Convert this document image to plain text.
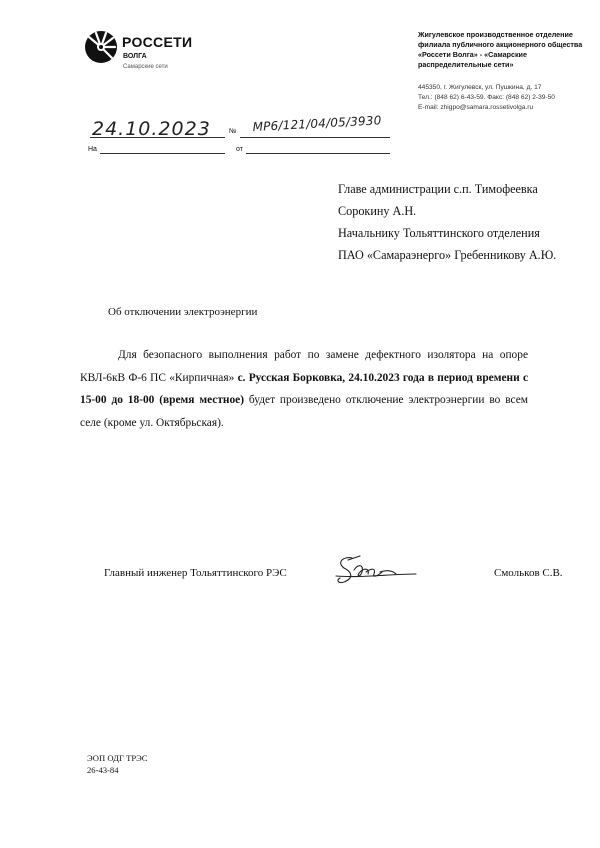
РОССЕТИ
ВОЛГА
Самарские сети
Жигулевское производственное отделение
филиала публичного акционерного общества
«Россети Волга» - «Самарские
распределительные сети»
445350, г. Жигулевск, ул. Пушкина, д. 17
Тел.: (848 62) 6-43-59. Факс: (848 62) 2-39-50
E-mail: zhigpo@samara.rossetivolga.ru
24.10.2023	№ МР6/121/04/05/3930
На	от
Главе администрации с.п. Тимофеевка
Сорокину А.Н.
Начальнику Тольяттинского отделения
ПАО «Самараэнерго» Гребенникову А.Ю.
Об отключении электроэнергии
Для безопасного выполнения работ по замене дефектного изолятора на опоре КВЛ-6кВ Ф-6 ПС «Кирпичная» с. Русская Борковка, 24.10.2023 года в период времени с 15-00 до 18-00 (время местное) будет произведено отключение электроэнергии во всем селе (кроме ул. Октябрьская).
Главный инженер Тольяттинского РЭС	Смольков С.В.
ЭОП ОДГ ТРЭС
26-43-84
